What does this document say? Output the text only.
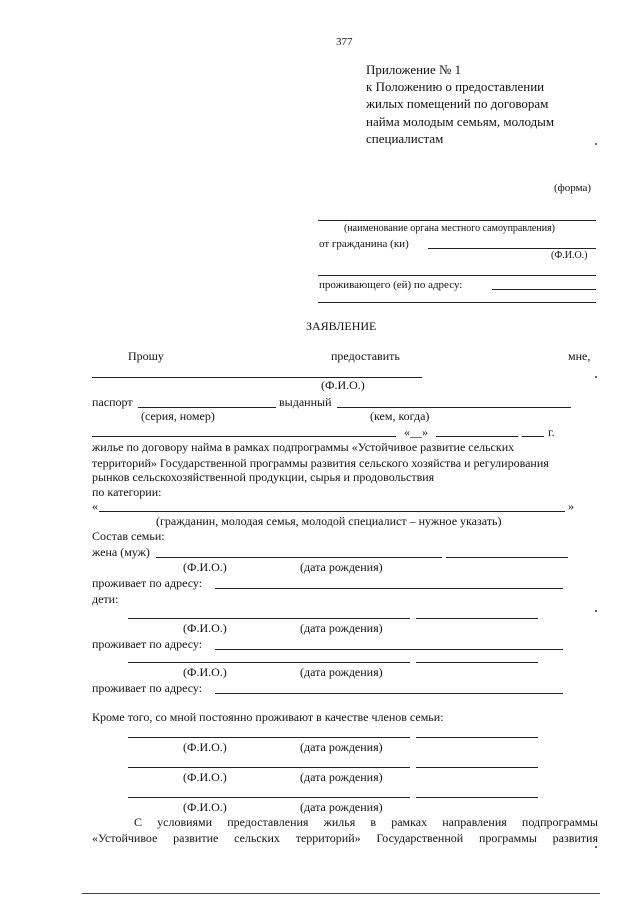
377
Приложение № 1
к Положению о предоставлении
жилых помещений по договорам
найма молодым семьям, молодым
специалистам
(форма)
(наименование органа местного самоуправления)
от гражданина (ки)
(Ф.И.О.)
проживающего (ей) по адресу:
ЗАЯВЛЕНИЕ
Прошу	предоставить	мне,
(Ф.И.О.)
паспорт	выданный
(серия, номер)	(кем, когда)
«__»	г.
жилье по договору найма в рамках подпрограммы «Устойчивое развитие сельских
территорий» Государственной программы развития сельского хозяйства и регулирования
рынков сельскохозяйственной продукции, сырья и продовольствия
по категории:
«	»
(гражданин, молодая семья, молодой специалист – нужное указать)
Состав семьи:
жена (муж)
(Ф.И.О.)	(дата рождения)
проживает по адресу:
дети:
(Ф.И.О.)	(дата рождения)
проживает по адресу:
(Ф.И.О.)	(дата рождения)
проживает по адресу:
Кроме того, со мной постоянно проживают в качестве членов семьи:
(Ф.И.О.)	(дата рождения)
(Ф.И.О.)	(дата рождения)
(Ф.И.О.)	(дата рождения)
С условиями предоставления жилья в рамках направления подпрограммы
«Устойчивое развитие сельских территорий» Государственной программы развития
